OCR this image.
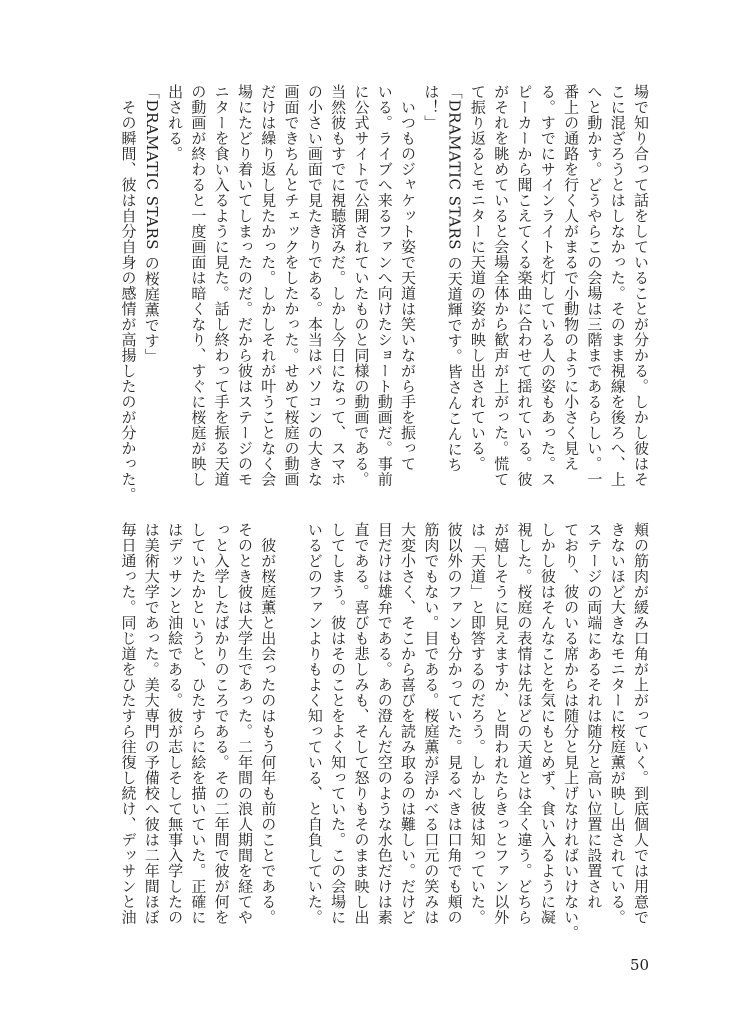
場で知り合って話をしていることが分かる。しかし彼はそ
こに混ざろうとはしなかった。そのまま視線を後ろへ、上
へと動かす。どうやらこの会場は三階まであるらしい。一
番上の通路を行く人がまるで小動物のように小さく見え
る。すでにサインライトを灯している人の姿もあった。ス
ピーカーから聞こえてくる楽曲に合わせて揺れている。彼
がそれを眺めていると会場全体から歓声が上がった。慌て
て振り返るとモニターに天道の姿が映し出されている。
「DRAMATIC STARS の天道輝です。皆さんこんにち
は！」
　いつものジャケット姿で天道は笑いながら手を振って
いる。ライブへ来るファンへ向けたショート動画だ。事前
に公式サイトで公開されていたものと同様の動画である。
当然彼もすでに視聴済みだ。しかし今日になって、スマホ
の小さい画面で見たきりである。本当はパソコンの大きな
画面できちんとチェックをしたかった。せめて桜庭の動画
だけは繰り返し見たかった。しかしそれが叶うことなく会
場にたどり着いてしまったのだ。だから彼はステージのモ
ニターを食い入るように見た。話し終わって手を振る天道
の動画が終わると一度画面は暗くなり、すぐに桜庭が映し
出される。
「DRAMATIC STARS の桜庭薫です」
　その瞬間、彼は自分自身の感情が高揚したのが分かった。
頬の筋肉が緩み口角が上がっていく。到底個人では用意で
きないほど大きなモニターに桜庭薫が映し出されている。
ステージの両端にあるそれは随分と高い位置に設置され
ており、彼のいる席からは随分と見上げなければいけない。
しかし彼はそんなことを気にもとめず、食い入るように凝
視した。桜庭の表情は先ほどの天道とは全く違う。どちら
が嬉しそうに見えますか、と問われたらきっとファン以外
は「天道」と即答するのだろう。しかし彼は知っていた。
彼以外のファンも分かっていた。見るべきは口角でも頬の
筋肉でもない。目である。桜庭薫が浮かべる口元の笑みは
大変小さく、そこから喜びを読み取るのは難しい。だけど
目だけは雄弁である。あの澄んだ空のような水色だけは素
直である。喜びも悲しみも、そして怒りもそのまま映し出
してしまう。彼はそのことをよく知っていた。この会場に
いるどのファンよりもよく知っている、と自負していた。
　彼が桜庭薫と出会ったのはもう何年も前のことである。
そのとき彼は大学生であった。二年間の浪人期間を経てや
っと入学したばかりのころである。その二年間で彼が何を
していたかというと、ひたすらに絵を描いていた。正確に
はデッサンと油絵である。彼が志しそして無事入学したの
は美術大学であった。美大専門の予備校へ彼は二年間ほぼ
毎日通った。同じ道をひたすら往復し続け、デッサンと油
50
